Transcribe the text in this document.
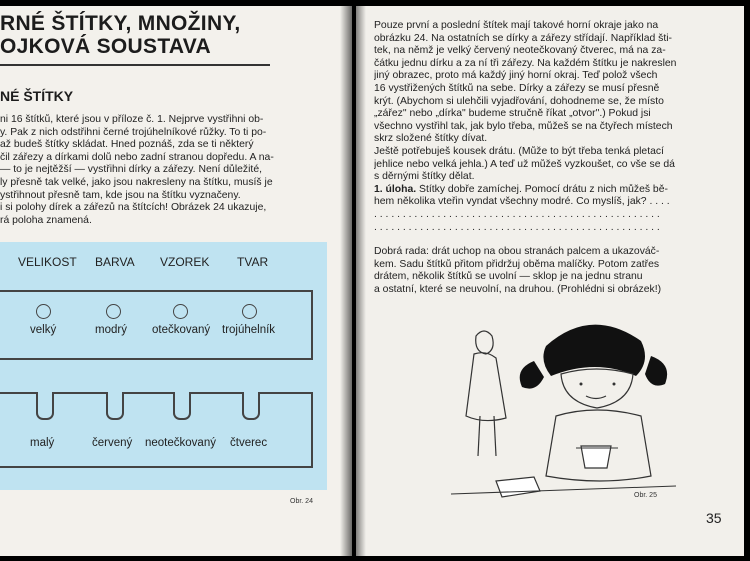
RNÉ ŠTÍTKY, MNOŽINY,
OJKOVÁ SOUSTAVA
NÉ ŠTÍTKY
ni 16 štítků, které jsou v příloze č. 1. Nejprve vystřihni ob-
y. Pak z nich odstřihni černé trojúhelníkové růžky. To ti po-
až budeš štítky skládat. Hned poznáš, zda se ti některý
čil zářezy a dírkami dolů nebo zadní stranou dopředu. A na-
— to je nejtěžší — vystřihni dírky a zářezy. Není důležité,
ly přesně tak velké, jako jsou nakresleny na štítku, musíš je
ystřihnout přesně tam, kde jsou na štítku vyznačeny.
i si polohy dírek a zářezů na štítcích! Obrázek 24 ukazuje,
rá poloha znamená.
VELIKOST BARVA VZOREK TVAR
velký	modrý otečkovaný trojúhelník
malý	červený neotečkovaný čtverec
Obr. 24
Pouze první a poslední štítek mají takové horní okraje jako na
obrázku 24. Na ostatních se dírky a zářezy střídají. Například šti-
tek, na němž je velký červený neotečkovaný čtverec, má na za-
čátku jednu dírku a za ní tři zářezy. Na každém štítku je nakreslen
jiný obrazec, proto má každý jiný horní okraj. Teď polož všech
16 vystřižených štítků na sebe. Dírky a zářezy se musí přesně
krýt. (Abychom si ulehčili vyjadřování, dohodneme se, že místo
„zářez" nebo „dírka" budeme stručně říkat „otvor".) Pokud jsi
všechno vystřihl tak, jak bylo třeba, můžeš se na čtyřech místech
skrz složené štítky dívat.
Ještě potřebuješ kousek drátu. (Může to být třeba tenká pletací
jehlice nebo velká jehla.) A teď už můžeš vyzkoušet, co vše se dá
s děrnými štítky dělat.
1. úloha. Štítky dobře zamíchej. Pomocí drátu z nich můžeš bě-
hem několika vteřin vyndat všechny modré. Co myslíš, jak? . . . .
. . . . . . . . . . . . . . . . . . . . . . . . . . . . . . . . . . . . . . . . . . . . . . . . . .
. . . . . . . . . . . . . . . . . . . . . . . . . . . . . . . . . . . . . . . . . . . . . . . . . .
Dobrá rada: drát uchop na obou stranách palcem a ukazováč-
kem. Sadu štítků přitom přidržuj oběma malíčky. Potom zatřes
drátem, několik štítků se uvolní — sklop je na jednu stranu
a ostatní, které se neuvolní, na druhou. (Prohlédni si obrázek!)
Obr. 25
35
